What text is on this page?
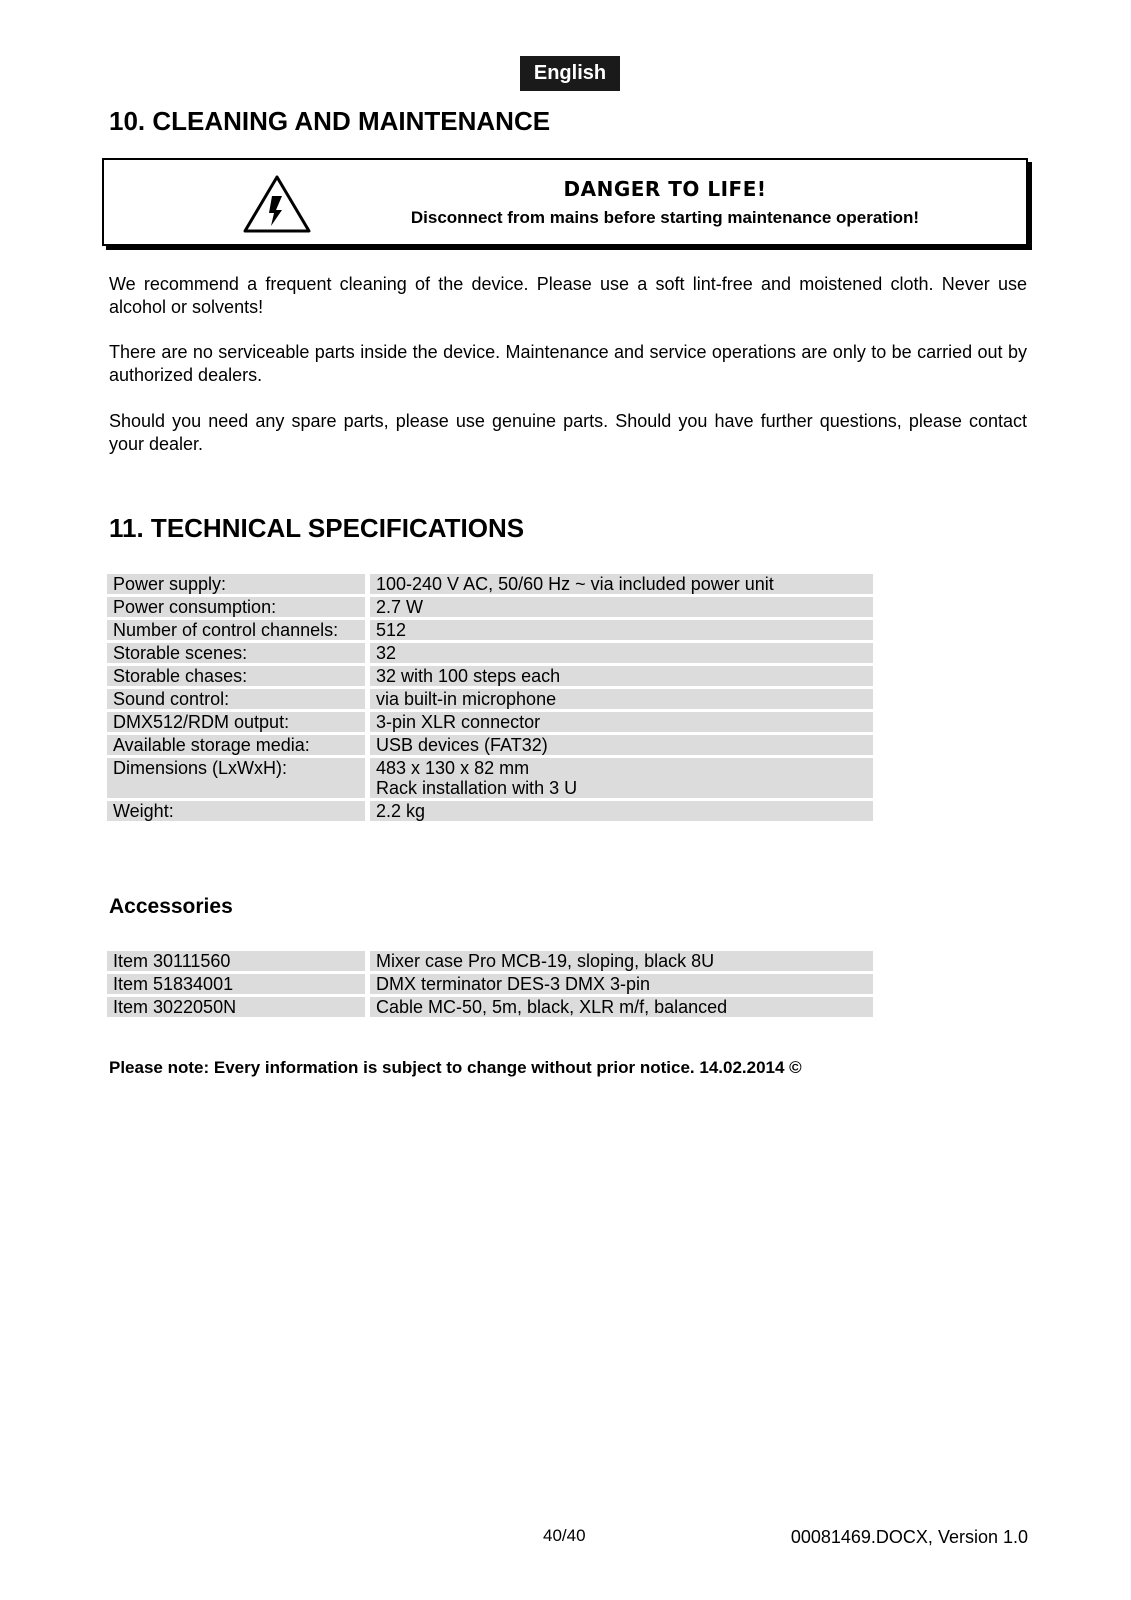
English
10. CLEANING AND MAINTENANCE
DANGER TO LIFE!
Disconnect from mains before starting maintenance operation!

We recommend a frequent cleaning of the device. Please use a soft lint-free and moistened cloth. Never use alcohol or solvents!

There are no serviceable parts inside the device. Maintenance and service operations are only to be carried out by authorized dealers.

Should you need any spare parts, please use genuine parts. Should you have further questions, please contact your dealer.

11. TECHNICAL SPECIFICATIONS
Power supply:	100-240 V AC, 50/60 Hz ~ via included power unit
Power consumption:	2.7 W
Number of control channels:	512
Storable scenes:	32
Storable chases:	32 with 100 steps each
Sound control:	via built-in microphone
DMX512/RDM output:	3-pin XLR connector
Available storage media:	USB devices (FAT32)
Dimensions (LxWxH):	483 x 130 x 82 mm
Rack installation with 3 U

Weight:	2.2 kg
Accessories
Item 30111560	Mixer case Pro MCB-19, sloping, black 8U
Item 51834001	DMX terminator DES-3 DMX 3-pin
Item 3022050N	Cable MC-50, 5m, black, XLR m/f, balanced

Please note: Every information is subject to change without prior notice. 14.02.2014 ©

40/40	00081469.DOCX, Version 1.0
